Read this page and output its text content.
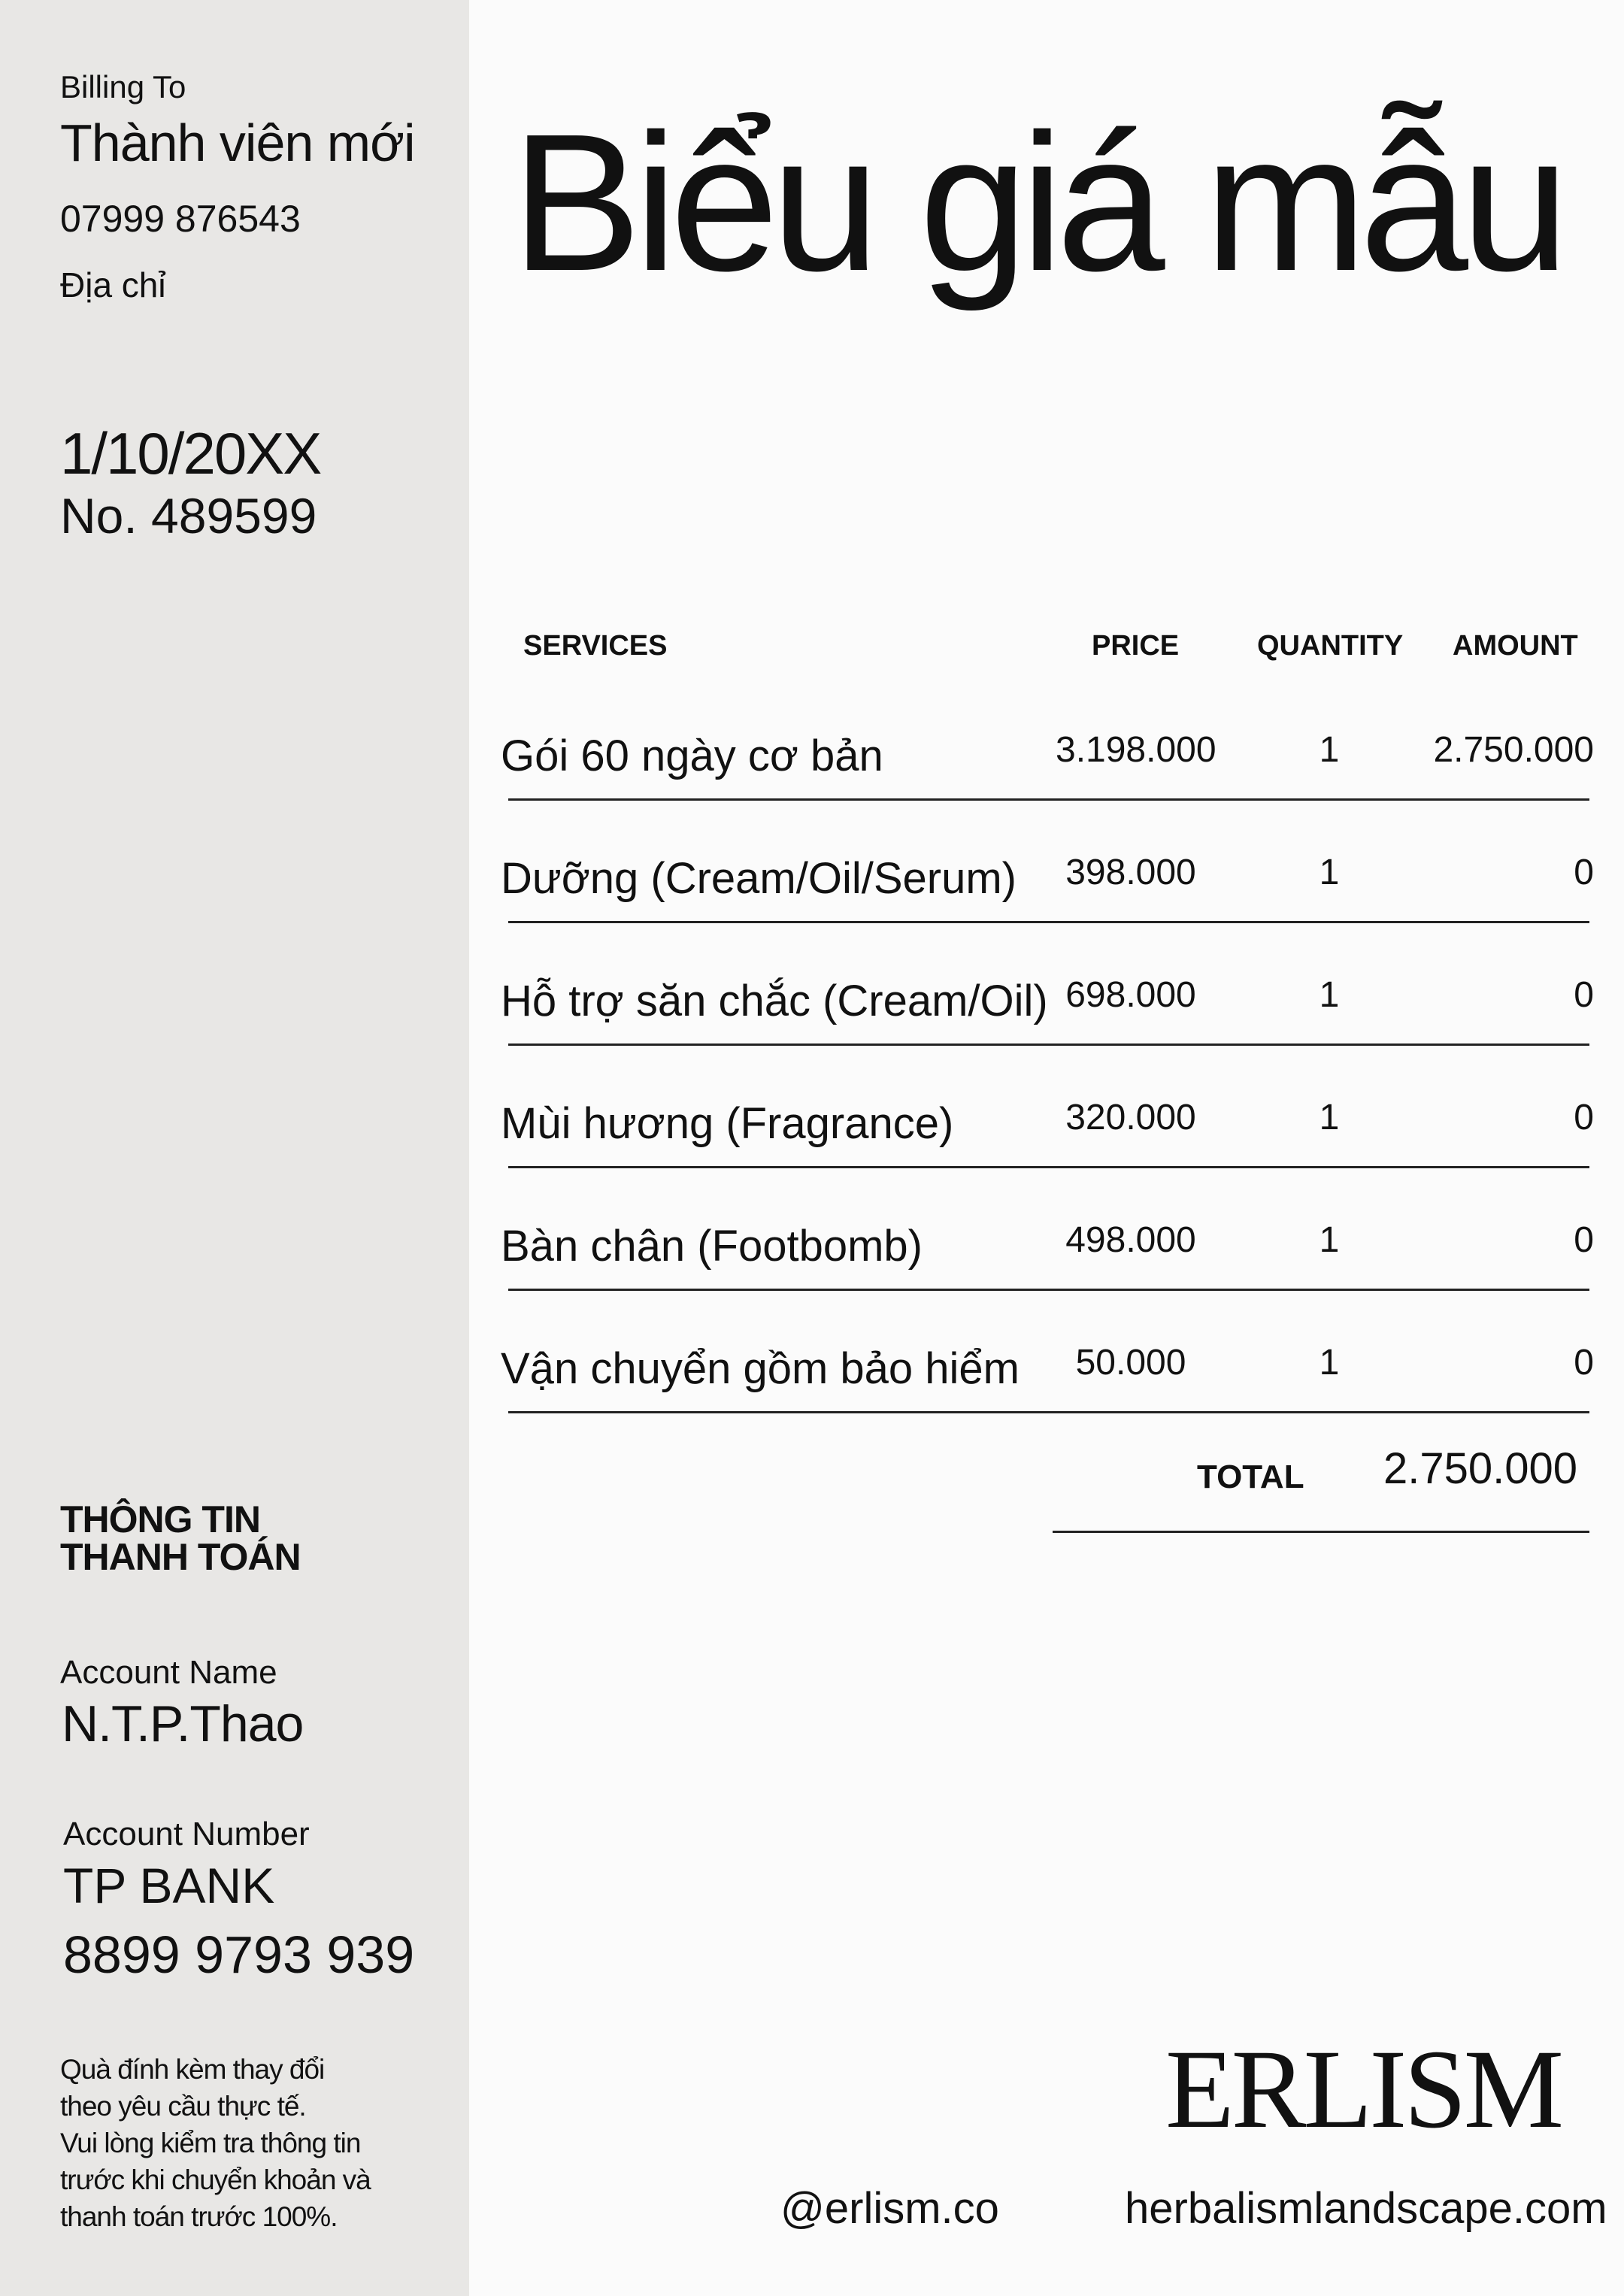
Billing To
Thành viên mới
07999 876543
Địa chỉ
1/10/20XX
No. 489599
THÔNG TIN
THANH TOÁN
Account Name
N.T.P.Thao
Account Number
TP BANK
8899 9793 939
Quà đính kèm thay đổi
theo yêu cầu thực tế.
Vui lòng kiểm tra thông tin
trước khi chuyển khoản và
thanh toán trước 100%.
Biểu giá mẫu
SERVICES	PRICE	QUANTITY AMOUNT
Gói 60 ngày cơ bản	3.198.000	1	2.750.000
Dưỡng (Cream/Oil/Serum) 398.000	1	0
Hỗ trợ săn chắc (Cream/Oil) 698.000	1	0
Mùi hương (Fragrance)	320.000	1	0
Bàn chân (Footbomb)	498.000	1	0
Vận chuyển gồm bảo hiểm	50.000	1	0
TOTAL 2.750.000
ERLISM
@erlism.co	herbalismlandscape.com
